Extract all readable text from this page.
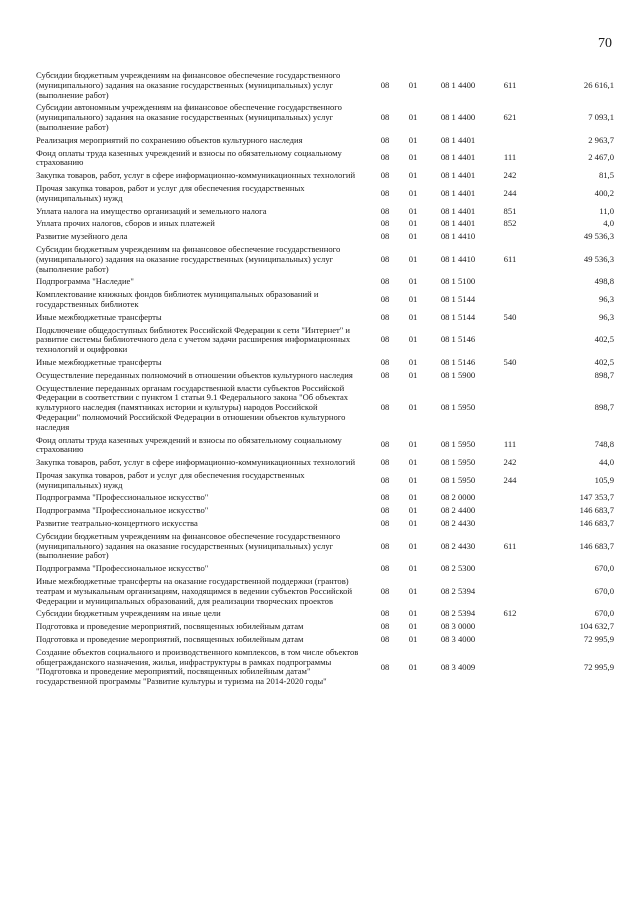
70
Субсидии бюджетным учреждениям на финансовое обеспечение государственного (муниципального) задания на оказание государственных (муниципальных) услуг (выполнение работ)	08	01	08 1 4400	611	26 616,1
Субсидии автономным учреждениям на финансовое обеспечение государственного (муниципального) задания на оказание государственных (муниципальных) услуг (выполнение работ)	08	01	08 1 4400	621	7 093,1
Реализация мероприятий по сохранению объектов культурного наследия	08	01	08 1 4401		2 963,7
Фонд оплаты труда казенных учреждений и взносы по обязательному социальному страхованию	08	01	08 1 4401	111	2 467,0
Закупка товаров, работ, услуг в сфере информационно-коммуникационных технологий	08	01	08 1 4401	242	81,5
Прочая закупка товаров, работ и услуг для обеспечения государственных (муниципальных) нужд	08	01	08 1 4401	244	400,2
Уплата налога на имущество организаций и земельного налога	08	01	08 1 4401	851	11,0
Уплата прочих налогов, сборов и иных платежей	08	01	08 1 4401	852	4,0
Развитие музейного дела	08	01	08 1 4410		49 536,3
Субсидии бюджетным учреждениям на финансовое обеспечение государственного (муниципального) задания на оказание государственных (муниципальных) услуг (выполнение работ)	08	01	08 1 4410	611	49 536,3
Подпрограмма "Наследие"	08	01	08 1 5100		498,8
Комплектование книжных фондов библиотек муниципальных образований и государственных библиотек	08	01	08 1 5144		96,3
Иные межбюджетные трансферты	08	01	08 1 5144	540	96,3
Подключение общедоступных библиотек Российской Федерации к сети "Интернет" и развитие системы библиотечного дела с учетом задачи расширения информационных технологий и оцифровки	08	01	08 1 5146		402,5
Иные межбюджетные трансферты	08	01	08 1 5146	540	402,5
Осуществление переданных полномочий в отношении объектов культурного наследия	08	01	08 1 5900		898,7
Осуществление переданных органам государственной власти субъектов Российской Федерации в соответствии с пунктом 1 статьи 9.1 Федерального закона "Об объектах культурного наследия (памятниках истории и культуры) народов Российской Федерации" полномочий Российской Федерации в отношении объектов культурного наследия	08	01	08 1 5950		898,7
Фонд оплаты труда казенных учреждений и взносы по обязательному социальному страхованию	08	01	08 1 5950	111	748,8
Закупка товаров, работ, услуг в сфере информационно-коммуникационных технологий	08	01	08 1 5950	242	44,0
Прочая закупка товаров, работ и услуг для обеспечения государственных (муниципальных) нужд	08	01	08 1 5950	244	105,9
Подпрограмма "Профессиональное искусство"	08	01	08 2 0000		147 353,7
Подпрограмма "Профессиональное искусство"	08	01	08 2 4400		146 683,7
Развитие театрально-концертного искусства	08	01	08 2 4430		146 683,7
Субсидии бюджетным учреждениям на финансовое обеспечение государственного (муниципального) задания на оказание государственных (муниципальных) услуг (выполнение работ)	08	01	08 2 4430	611	146 683,7
Подпрограмма "Профессиональное искусство"	08	01	08 2 5300		670,0
Иные межбюджетные трансферты на оказание государственной поддержки (грантов) театрам и музыкальным организациям, находящимся в ведении субъектов Российской Федерации и муниципальных образований, для реализации творческих проектов	08	01	08 2 5394		670,0
Субсидии бюджетным учреждениям на иные цели	08	01	08 2 5394	612	670,0
Подготовка и проведение мероприятий, посвященных юбилейным датам	08	01	08 3 0000		104 632,7
Подготовка и проведение мероприятий, посвященных юбилейным датам	08	01	08 3 4000		72 995,9
Создание объектов социального и производственного комплексов, в том числе объектов общегражданского назначения, жилья, инфраструктуры в рамках подпрограммы "Подготовка и проведение мероприятий, посвященных юбилейным датам" государственной программы "Развитие культуры и туризма на 2014-2020 годы"	08	01	08 3 4009		72 995,9
